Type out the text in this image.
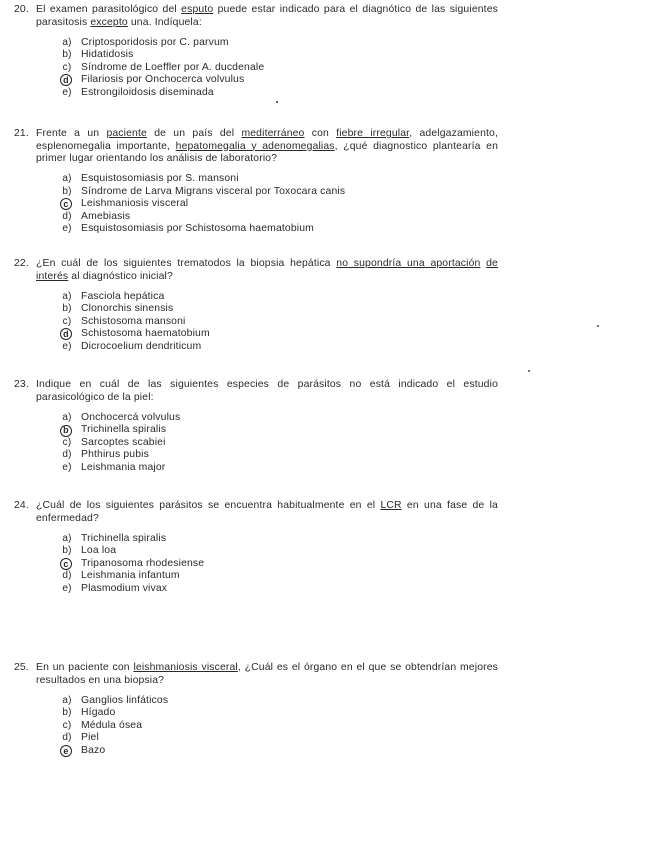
20. El examen parasitológico del esputo puede estar indicado para el diagnótico de las siguientes parasitosis excepto una. Indíquela:
a) Criptosporidosis por C. parvum
b) Hidatidosis
c) Síndrome de Loeffler por A. ducdenale
d	Filariosis por Onchocerca volvulus
e) Estrongiloidosis diseminada
21. Frente a un paciente de un país del mediterráneo con fiebre irregular, adelgazamiento, esplenomegalia importante, hepatomegalia y adenomegalias, ¿qué diagnostico plantearía en primer lugar orientando los análisis de laboratorio?
a) Esquistosomiasis por S. mansoni
b) Síndrome de Larva Migrans visceral por Toxocara canis
c	Leishmaniosis visceral
d) Amebiasis
e) Esquistosomiasis por Schistosoma haematobium
22. ¿En cuál de los siguientes trematodos la biopsia hepática no supondría una aportación de interés al diagnóstico inicial?
a) Fasciola hepática
b) Clonorchis sinensis
c) Schistosoma mansoni
d	Schistosoma haematobium
e) Dicrocoelium dendriticum
23. Indique en cuál de las siguientes especies de parásitos no está indicado el estudio parasicológico de la piel:
a) Onchocercá volvulus
b	Trichinella spiralis
c) Sarcoptes scabiei
d) Phthirus pubis
e) Leishmania major
24. ¿Cuál de los siguientes parásitos se encuentra habitualmente en el LCR en una fase de la enfermedad?
a) Trichinella spiralis
b) Loa loa
c	Tripanosoma rhodesiense
d) Leishmania infantum
e) Plasmodium vivax
25. En un paciente con leishmaniosis visceral, ¿Cuál es el órgano en el que se obtendrían mejores resultados en una biopsia?
a) Ganglios linfáticos
b) Hígado
c) Médula ósea
d) Piel
e	Bazo
